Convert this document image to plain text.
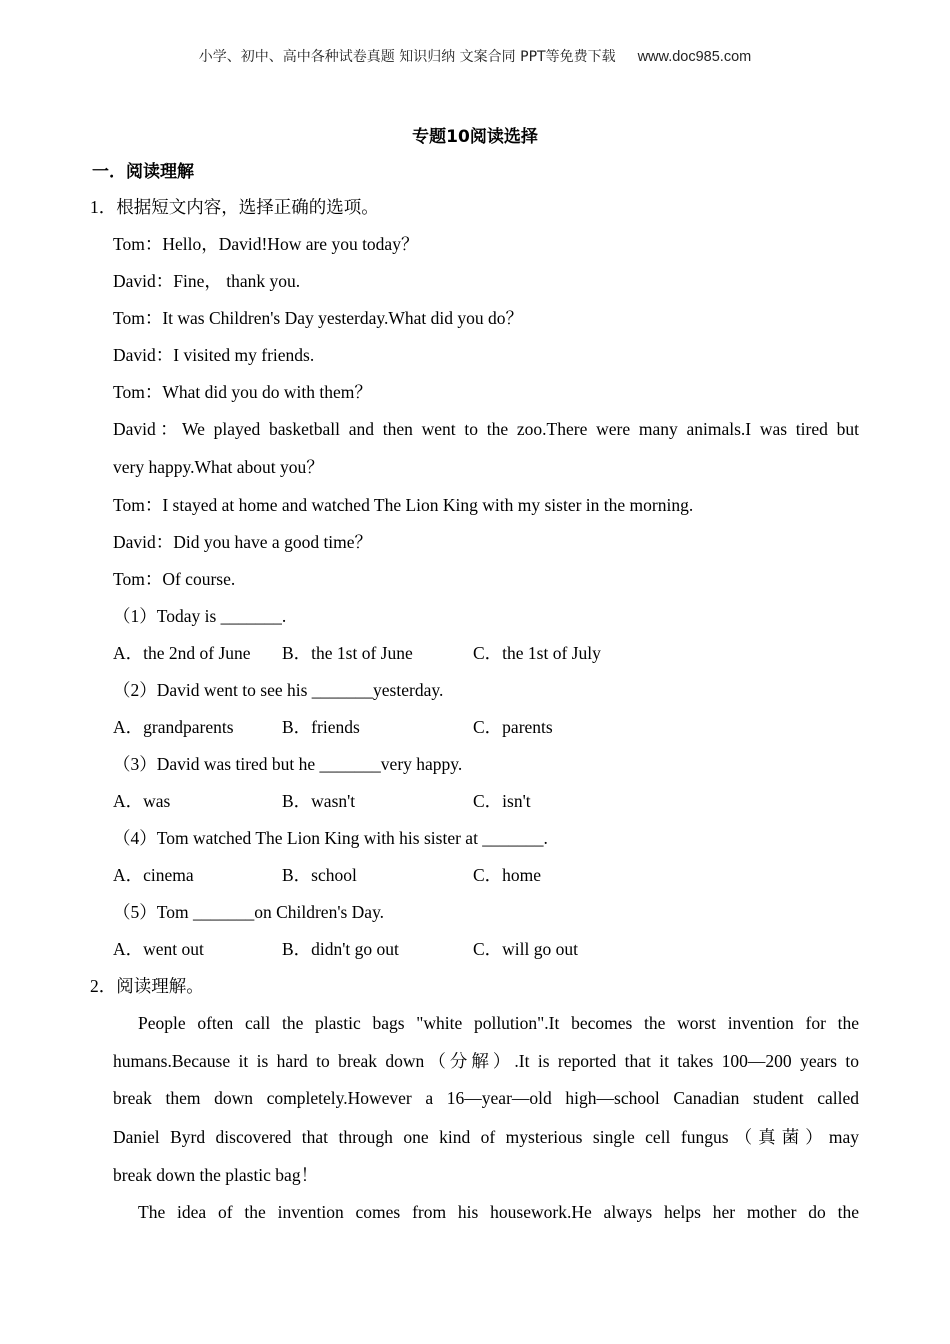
小学、初中、高中各种试卷真题 知识归纳 文案合同 PPT等免费下载 www.doc985.com
专题10阅读选择
一．阅读理解
1．根据短文内容，选择正确的选项。
Tom：Hello，David!How are you today？
David：Fine， thank you.
Tom：It was Children's Day yesterday.What did you do？
David：I visited my friends.
Tom：What did you do with them？
David：We played basketball and then went to the zoo.There were many animals.I was tired but
very happy.What about you？
Tom：I stayed at home and watched The Lion King with my sister in the morning.
David：Did you have a good time？
Tom：Of course.
（1）Today is _______.
A．the 2nd of June B．the 1st of June	C．the 1st of July
（2）David went to see his _______yesterday.
A．grandparents	B．friends	C．parents
（3）David was tired but he _______very happy.
A．was	B．wasn't	C．isn't
（4）Tom watched The Lion King with his sister at _______.
A．cinema	B．school	C．home
（5）Tom _______on Children's Day.
A．went out	B．didn't go out	C．will go out
2．阅读理解。
People often call the plastic bags "white pollution".It becomes the worst invention for the
humans.Because it is hard to break down（分解）.It is reported that it takes 100—200 years to
break them down completely.However a 16—year—old high—school Canadian student called
Daniel Byrd discovered that through one kind of mysterious single cell fungus（真菌）may
break down the plastic bag！
The idea of the invention comes from his housework.He always helps her mother do the
